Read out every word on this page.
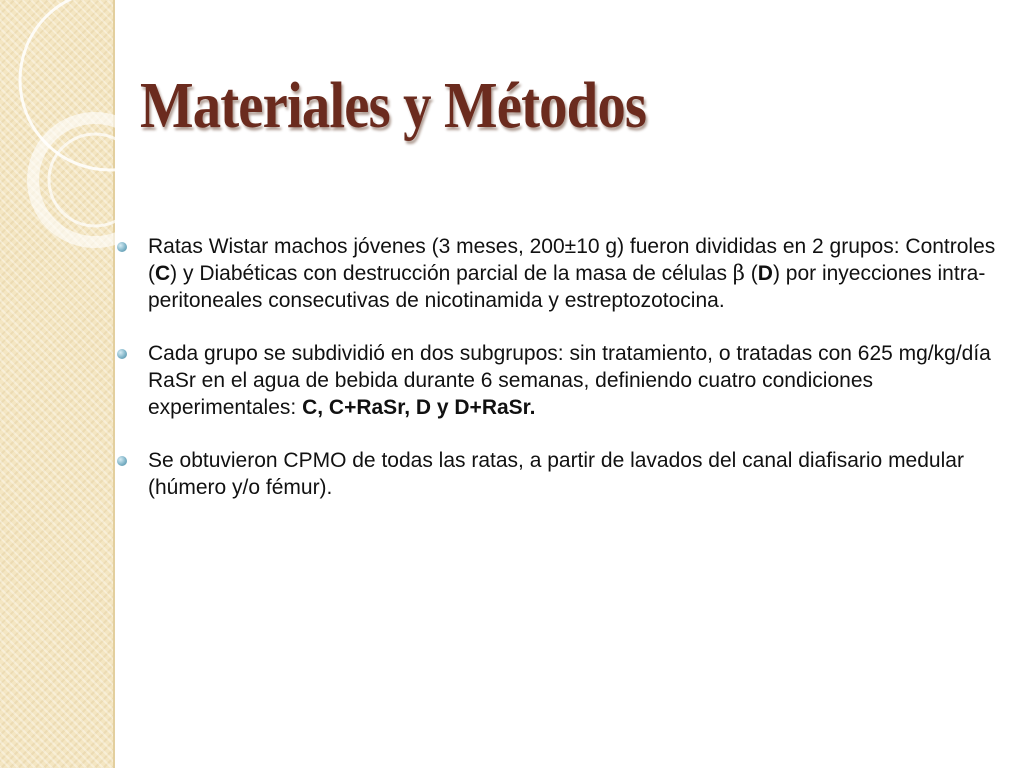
Materiales y Métodos
Ratas Wistar machos jóvenes (3 meses, 200±10 g) fueron divididas en 2 grupos: Controles (C) y Diabéticas con destrucción parcial de la masa de células β (D) por inyecciones intra-peritoneales consecutivas de nicotinamida y estreptozotocina.
Cada grupo se subdividió en dos subgrupos: sin tratamiento, o tratadas con 625 mg/kg/día RaSr en el agua de bebida durante 6 semanas, definiendo cuatro condiciones experimentales: C, C+RaSr, D y D+RaSr.
Se obtuvieron CPMO de todas las ratas, a partir de lavados del canal diafisario medular (húmero y/o fémur).
